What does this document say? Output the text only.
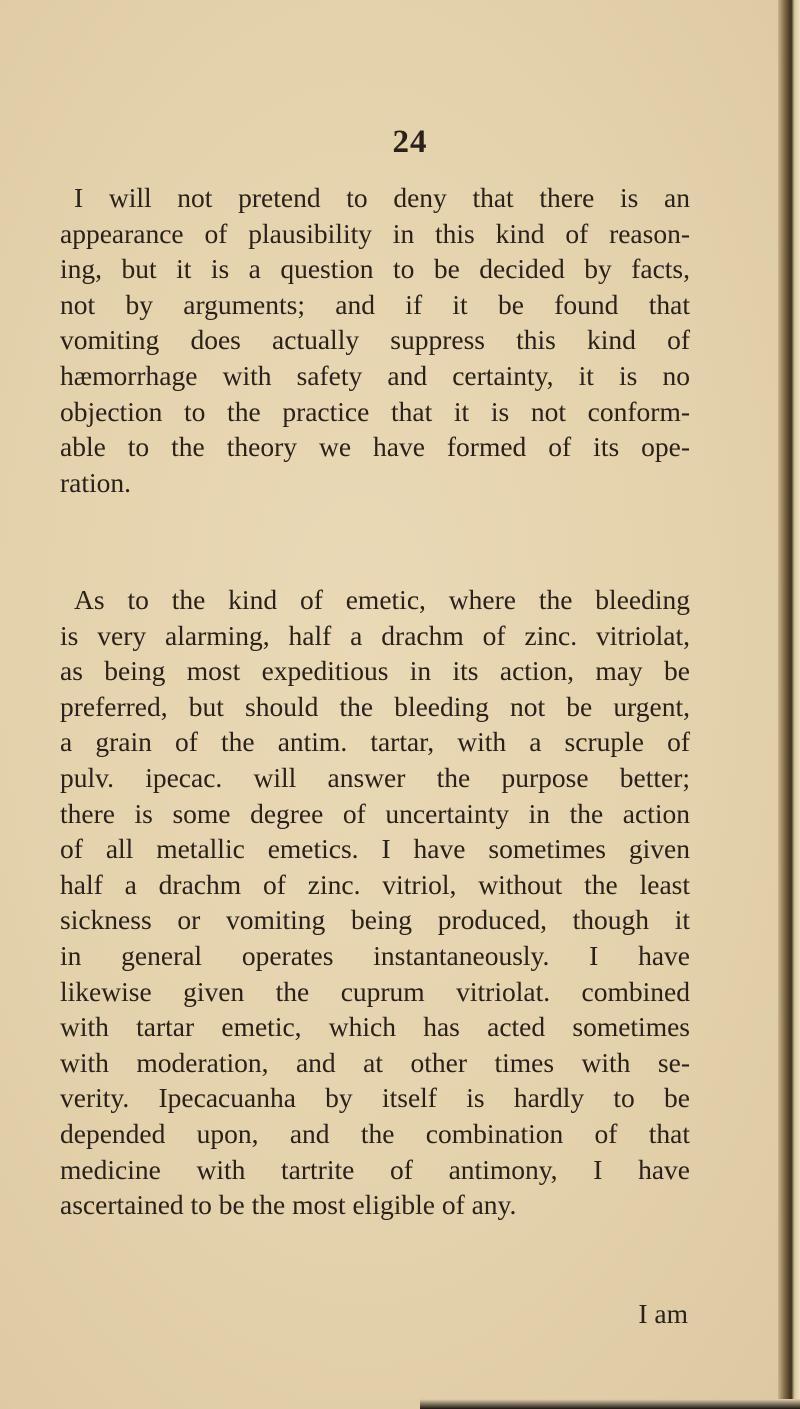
24
I will not pretend to deny that there is an
appearance of plausibility in this kind of reason-
ing, but it is a question to be decided by facts,
not by arguments; and if it be found that
vomiting does actually suppress this kind of
hæmorrhage with safety and certainty, it is no
objection to the practice that it is not conform-
able to the theory we have formed of its ope-
ration.
As to the kind of emetic, where the bleeding
is very alarming, half a drachm of zinc. vitriolat,
as being most expeditious in its action, may be
preferred, but should the bleeding not be urgent,
a grain of the antim. tartar, with a scruple of
pulv. ipecac. will answer the purpose better;
there is some degree of uncertainty in the action
of all metallic emetics. I have sometimes given
half a drachm of zinc. vitriol, without the least
sickness or vomiting being produced, though it
in general operates instantaneously. I have
likewise given the cuprum vitriolat. combined
with tartar emetic, which has acted sometimes
with moderation, and at other times with se-
verity. Ipecacuanha by itself is hardly to be
depended upon, and the combination of that
medicine with tartrite of antimony, I have
ascertained to be the most eligible of any.
I am
